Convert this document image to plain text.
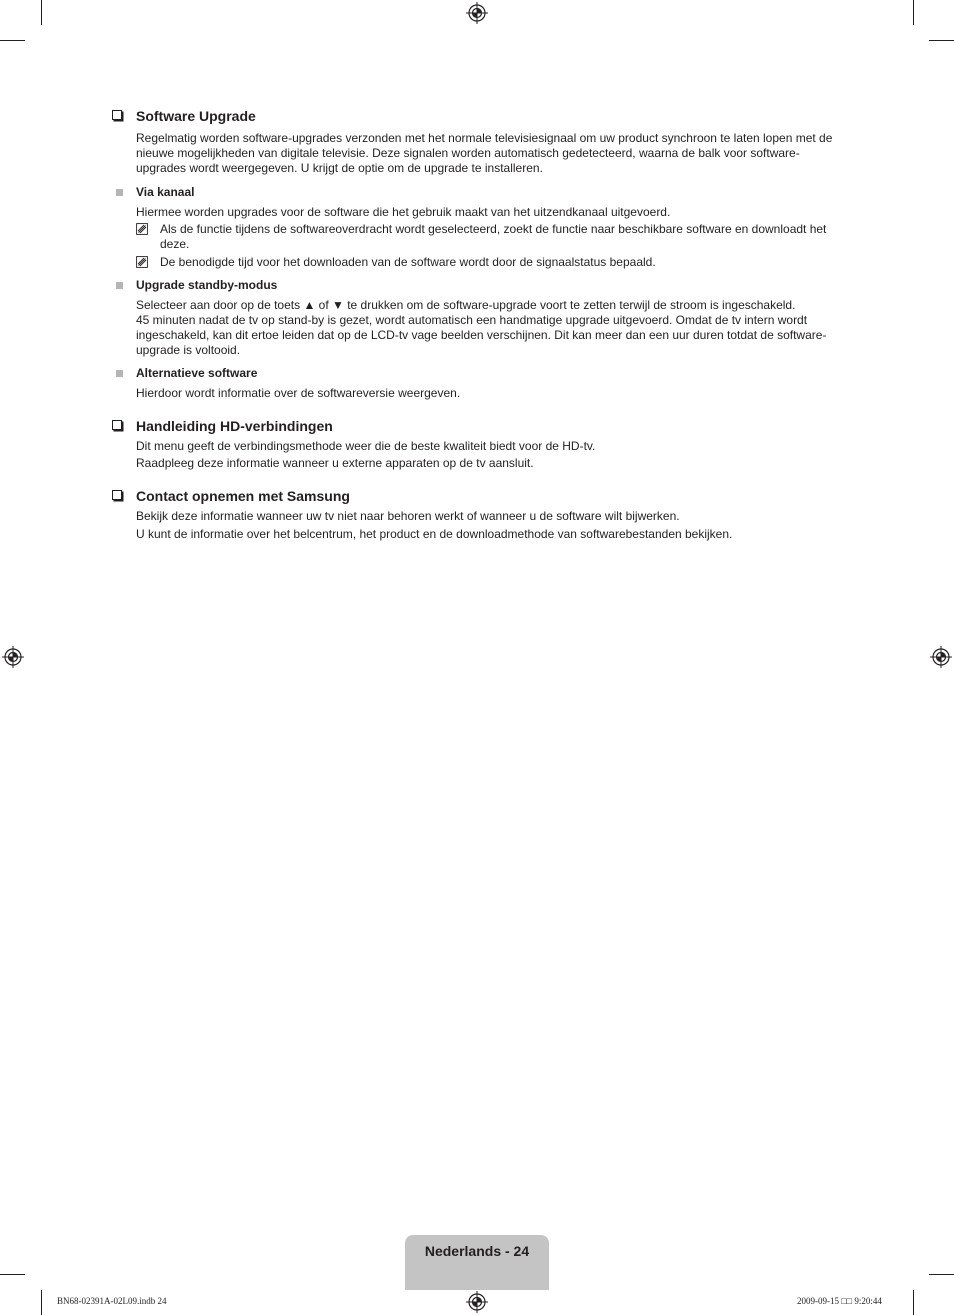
Software Upgrade

Regelmatig worden software-upgrades verzonden met het normale televisiesignaal om uw product synchroon te laten lopen met de nieuwe mogelijkheden van digitale televisie. Deze signalen worden automatisch gedetecteerd, waarna de balk voor software-upgrades wordt weergegeven. U krijgt de optie om de upgrade te installeren.

Via kanaal

Hiermee worden upgrades voor de software die het gebruik maakt van het uitzendkanaal uitgevoerd.

Als de functie tijdens de softwareoverdracht wordt geselecteerd, zoekt de functie naar beschikbare software en downloadt het deze.
De benodigde tijd voor het downloaden van de software wordt door de signaalstatus bepaald.
Upgrade standby-modus

Selecteer aan door op de toets ▲ of ▼ te drukken om de software-upgrade voort te zetten terwijl de stroom is ingeschakeld.

45 minuten nadat de tv op stand-by is gezet, wordt automatisch een handmatige upgrade uitgevoerd. Omdat de tv intern wordt ingeschakeld, kan dit ertoe leiden dat op de LCD-tv vage beelden verschijnen. Dit kan meer dan een uur duren totdat de software-upgrade is voltooid.

Alternatieve software

Hierdoor wordt informatie over de softwareversie weergeven.

Handleiding HD-verbindingen

Dit menu geeft de verbindingsmethode weer die de beste kwaliteit biedt voor de HD-tv.

Raadpleeg deze informatie wanneer u externe apparaten op de tv aansluit.

Contact opnemen met Samsung

Bekijk deze informatie wanneer uw tv niet naar behoren werkt of wanneer u de software wilt bijwerken.

U kunt de informatie over het belcentrum, het product en de downloadmethode van softwarebestanden bekijken.

Nederlands - 24
BN68-02391A-02L09.indb 24	2009-09-15 □□ 9:20:44
